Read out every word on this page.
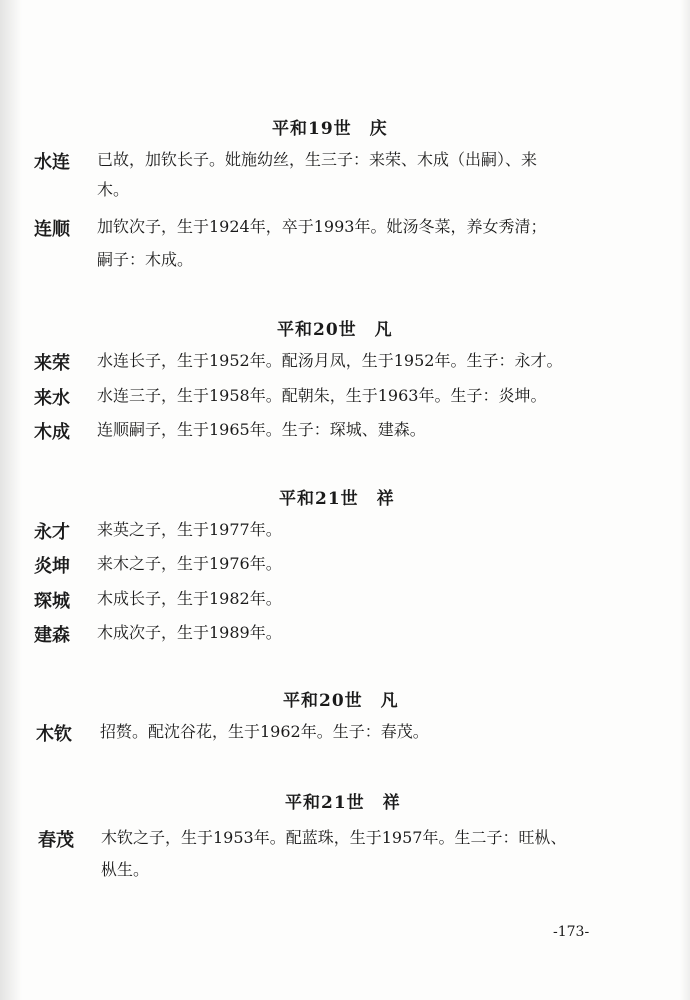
平和19世 庆
水连 已故，加钦长子。妣施幼丝，生三子：来荣、木成（出嗣）、来
木。
连顺 加钦次子，生于1924年，卒于1993年。妣汤冬菜，养女秀清；
嗣子：木成。
平和20世 凡
来荣 水连长子，生于1952年。配汤月凤，生于1952年。生子：永才。
来水 水连三子，生于1958年。配朝朱，生于1963年。生子：炎坤。
木成 连顺嗣子，生于1965年。生子：琛城、建森。
平和21世 祥
永才 来英之子，生于1977年。
炎坤 来木之子，生于1976年。
琛城 木成长子，生于1982年。
建森 木成次子，生于1989年。
平和20世 凡
木钦 招赘。配沈谷花，生于1962年。生子：春茂。
平和21世 祥
春茂 木钦之子，生于1953年。配蓝珠，生于1957年。生二子：旺枞、
枞生。
-173-
